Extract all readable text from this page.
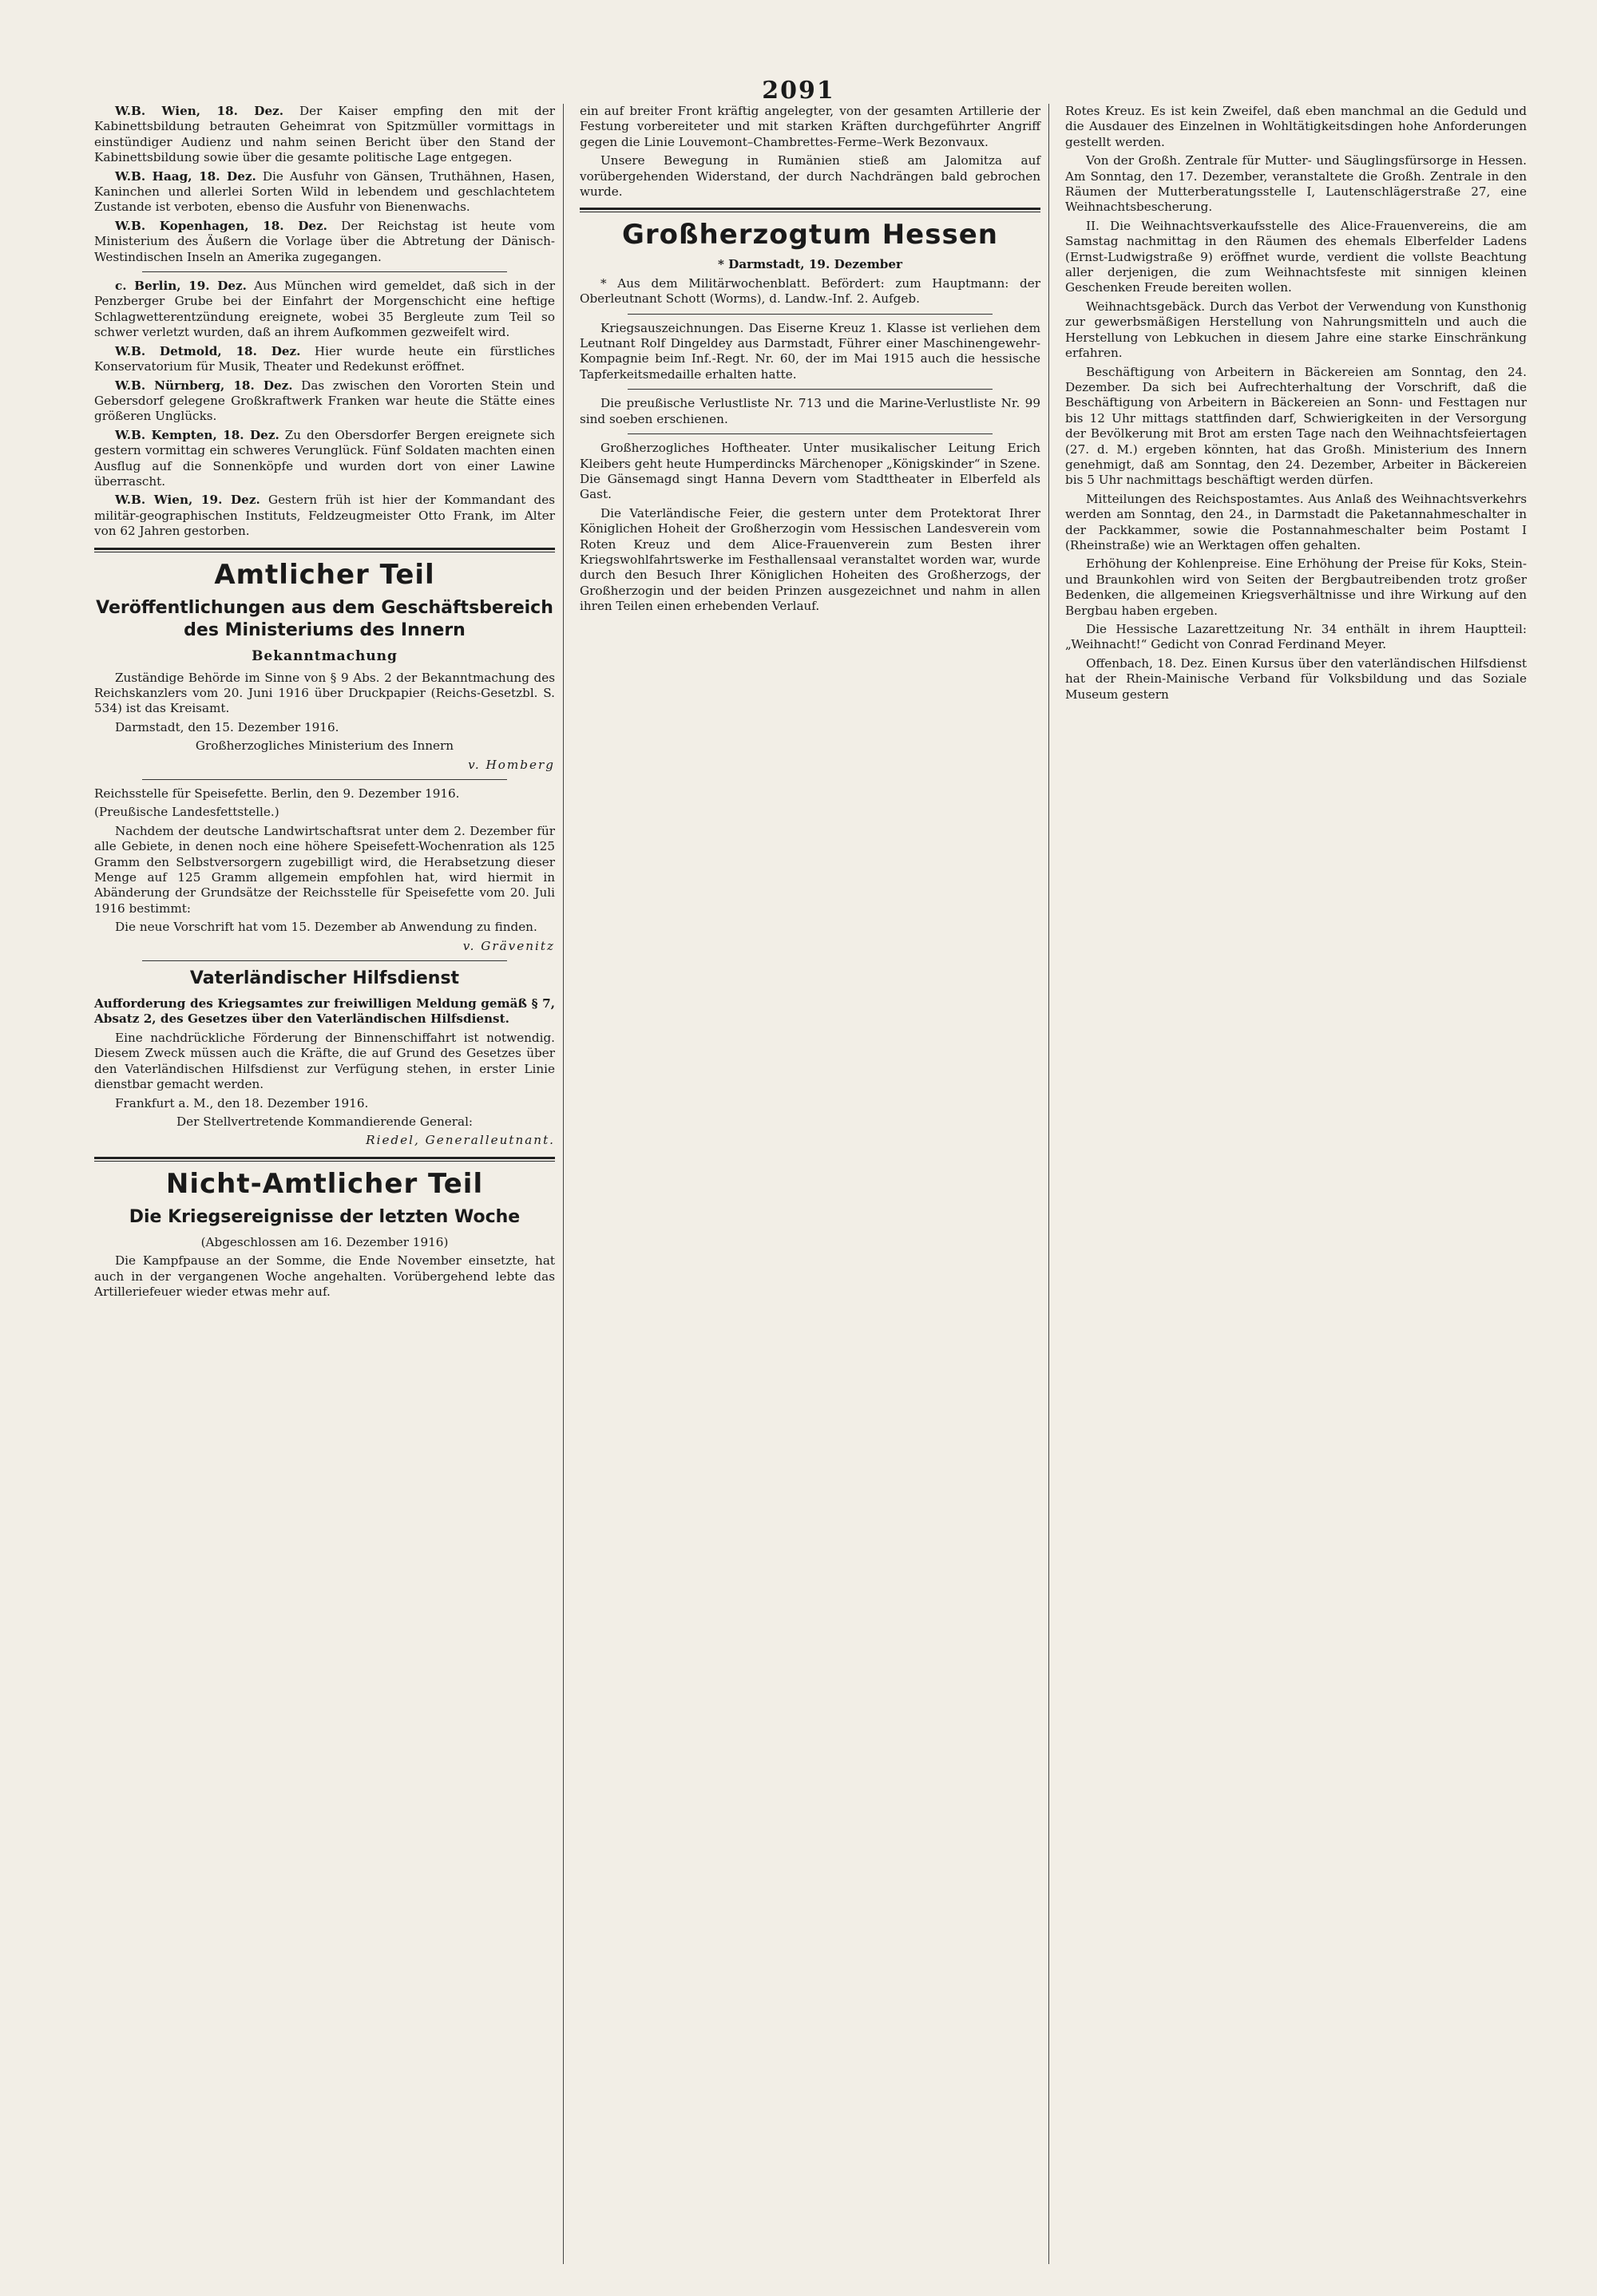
2091

W.B. Wien, 18. Dez. Der Kaiser empfing den mit der Kabinettsbildung betrauten Geheimrat von Spitzmüller vormittags in einstündiger Audienz und nahm seinen Bericht über den Stand der Kabinettsbildung sowie über die gesamte politische Lage entgegen.

W.B. Haag, 18. Dez. Die Ausfuhr von Gänsen, Truthähnen, Hasen, Kaninchen und allerlei Sorten Wild in lebendem und geschlachtetem Zustande ist verboten, ebenso die Ausfuhr von Bienenwachs.

W.B. Kopenhagen, 18. Dez. Der Reichstag ist heute vom Ministerium des Äußern die Vorlage über die Abtretung der Dänisch-Westindischen Inseln an Amerika zugegangen.

c. Berlin, 19. Dez. Aus München wird gemeldet, daß sich in der Penzberger Grube bei der Einfahrt der Morgenschicht eine heftige Schlagwetterentzündung ereignete, wobei 35 Bergleute zum Teil so schwer verletzt wurden, daß an ihrem Aufkommen gezweifelt wird.

W.B. Detmold, 18. Dez. Hier wurde heute ein fürstliches Konservatorium für Musik, Theater und Redekunst eröffnet.

W.B. Nürnberg, 18. Dez. Das zwischen den Vororten Stein und Gebersdorf gelegene Großkraftwerk Franken war heute die Stätte eines größeren Unglücks.

W.B. Kempten, 18. Dez. Zu den Obersdorfer Bergen ereignete sich gestern vormittag ein schweres Verunglück. Fünf Soldaten machten einen Ausflug auf die Sonnenköpfe und wurden dort von einer Lawine überrascht.

W.B. Wien, 19. Dez. Gestern früh ist hier der Kommandant des militär-geographischen Instituts, Feldzeugmeister Otto Frank, im Alter von 62 Jahren gestorben.

Amtlicher Teil
Veröffentlichungen aus dem Geschäftsbereich des Ministeriums des Innern
Bekanntmachung

Zuständige Behörde im Sinne von § 9 Abs. 2 der Bekanntmachung des Reichskanzlers vom 20. Juni 1916 über Druckpapier (Reichs-Gesetzbl. S. 534) ist das Kreisamt.

Darmstadt, den 15. Dezember 1916.

Großherzogliches Ministerium des Innern

v. Homberg

Reichsstelle für Speisefette. Berlin, den 9. Dezember 1916.

(Preußische Landesfettstelle.)

Nachdem der deutsche Landwirtschaftsrat unter dem 2. Dezember für alle Gebiete, in denen noch eine höhere Speisefett-Wochenration als 125 Gramm den Selbstversorgern zugebilligt wird, die Herabsetzung dieser Menge auf 125 Gramm allgemein empfohlen hat, wird hiermit in Abänderung der Grundsätze der Reichsstelle für Speisefette vom 20. Juli 1916 bestimmt:

Die neue Vorschrift hat vom 15. Dezember ab Anwendung zu finden.

v. Grävenitz

Vaterländischer Hilfsdienst

Aufforderung des Kriegsamtes zur freiwilligen Meldung gemäß § 7, Absatz 2, des Gesetzes über den Vaterländischen Hilfsdienst.

Eine nachdrückliche Förderung der Binnenschiffahrt ist notwendig. Diesem Zweck müssen auch die Kräfte, die auf Grund des Gesetzes über den Vaterländischen Hilfsdienst zur Verfügung stehen, in erster Linie dienstbar gemacht werden.

Frankfurt a. M., den 18. Dezember 1916.

Der Stellvertretende Kommandierende General:

Riedel, Generalleutnant.

Nicht-Amtlicher Teil
Die Kriegsereignisse der letzten Woche

(Abgeschlossen am 16. Dezember 1916)

Die Kampfpause an der Somme, die Ende November einsetzte, hat auch in der vergangenen Woche angehalten. Vorübergehend lebte das Artilleriefeuer wieder etwas mehr auf.

ein auf breiter Front kräftig angelegter, von der gesamten Artillerie der Festung vorbereiteter und mit starken Kräften durchgeführter Angriff gegen die Linie Louvemont–Chambrettes-Ferme–Werk Bezonvaux.

Unsere Bewegung in Rumänien stieß am Jalomitza auf vorübergehenden Widerstand, der durch Nachdrängen bald gebrochen wurde.

Großherzogtum Hessen

* Darmstadt, 19. Dezember

* Aus dem Militärwochenblatt. Befördert: zum Hauptmann: der Oberleutnant Schott (Worms), d. Landw.-Inf. 2. Aufgeb.

Kriegsauszeichnungen. Das Eiserne Kreuz 1. Klasse ist verliehen dem Leutnant Rolf Dingeldey aus Darmstadt, Führer einer Maschinengewehr-Kompagnie beim Inf.-Regt. Nr. 60, der im Mai 1915 auch die hessische Tapferkeitsmedaille erhalten hatte.

Die preußische Verlustliste Nr. 713 und die Marine-Verlustliste Nr. 99 sind soeben erschienen.

Großherzogliches Hoftheater. Unter musikalischer Leitung Erich Kleibers geht heute Humperdincks Märchenoper „Königskinder“ in Szene. Die Gänsemagd singt Hanna Devern vom Stadttheater in Elberfeld als Gast.

Die Vaterländische Feier, die gestern unter dem Protektorat Ihrer Königlichen Hoheit der Großherzogin vom Hessischen Landesverein vom Roten Kreuz und dem Alice-Frauenverein zum Besten ihrer Kriegswohlfahrtswerke im Festhallensaal veranstaltet worden war, wurde durch den Besuch Ihrer Königlichen Hoheiten des Großherzogs, der Großherzogin und der beiden Prinzen ausgezeichnet und nahm in allen ihren Teilen einen erhebenden Verlauf.

Rotes Kreuz. Es ist kein Zweifel, daß eben manchmal an die Geduld und die Ausdauer des Einzelnen in Wohltätigkeitsdingen hohe Anforderungen gestellt werden.

Von der Großh. Zentrale für Mutter- und Säuglingsfürsorge in Hessen. Am Sonntag, den 17. Dezember, veranstaltete die Großh. Zentrale in den Räumen der Mutterberatungsstelle I, Lautenschlägerstraße 27, eine Weihnachtsbescherung.

II. Die Weihnachtsverkaufsstelle des Alice-Frauenvereins, die am Samstag nachmittag in den Räumen des ehemals Elberfelder Ladens (Ernst-Ludwigstraße 9) eröffnet wurde, verdient die vollste Beachtung aller derjenigen, die zum Weihnachtsfeste mit sinnigen kleinen Geschenken Freude bereiten wollen.

Weihnachtsgebäck. Durch das Verbot der Verwendung von Kunsthonig zur gewerbsmäßigen Herstellung von Nahrungsmitteln und auch die Herstellung von Lebkuchen in diesem Jahre eine starke Einschränkung erfahren.

Beschäftigung von Arbeitern in Bäckereien am Sonntag, den 24. Dezember. Da sich bei Aufrechterhaltung der Vorschrift, daß die Beschäftigung von Arbeitern in Bäckereien an Sonn- und Festtagen nur bis 12 Uhr mittags stattfinden darf, Schwierigkeiten in der Versorgung der Bevölkerung mit Brot am ersten Tage nach den Weihnachtsfeiertagen (27. d. M.) ergeben könnten, hat das Großh. Ministerium des Innern genehmigt, daß am Sonntag, den 24. Dezember, Arbeiter in Bäckereien bis 5 Uhr nachmittags beschäftigt werden dürfen.

Mitteilungen des Reichspostamtes. Aus Anlaß des Weihnachtsverkehrs werden am Sonntag, den 24., in Darmstadt die Paketannahmeschalter in der Packkammer, sowie die Postannahmeschalter beim Postamt I (Rheinstraße) wie an Werktagen offen gehalten.

Erhöhung der Kohlenpreise. Eine Erhöhung der Preise für Koks, Stein- und Braunkohlen wird von Seiten der Bergbautreibenden trotz großer Bedenken, die allgemeinen Kriegsverhältnisse und ihre Wirkung auf den Bergbau haben ergeben.

Die Hessische Lazarettzeitung Nr. 34 enthält in ihrem Hauptteil: „Weihnacht!“ Gedicht von Conrad Ferdinand Meyer.

Offenbach, 18. Dez. Einen Kursus über den vaterländischen Hilfsdienst hat der Rhein-Mainische Verband für Volksbildung und das Soziale Museum gestern
